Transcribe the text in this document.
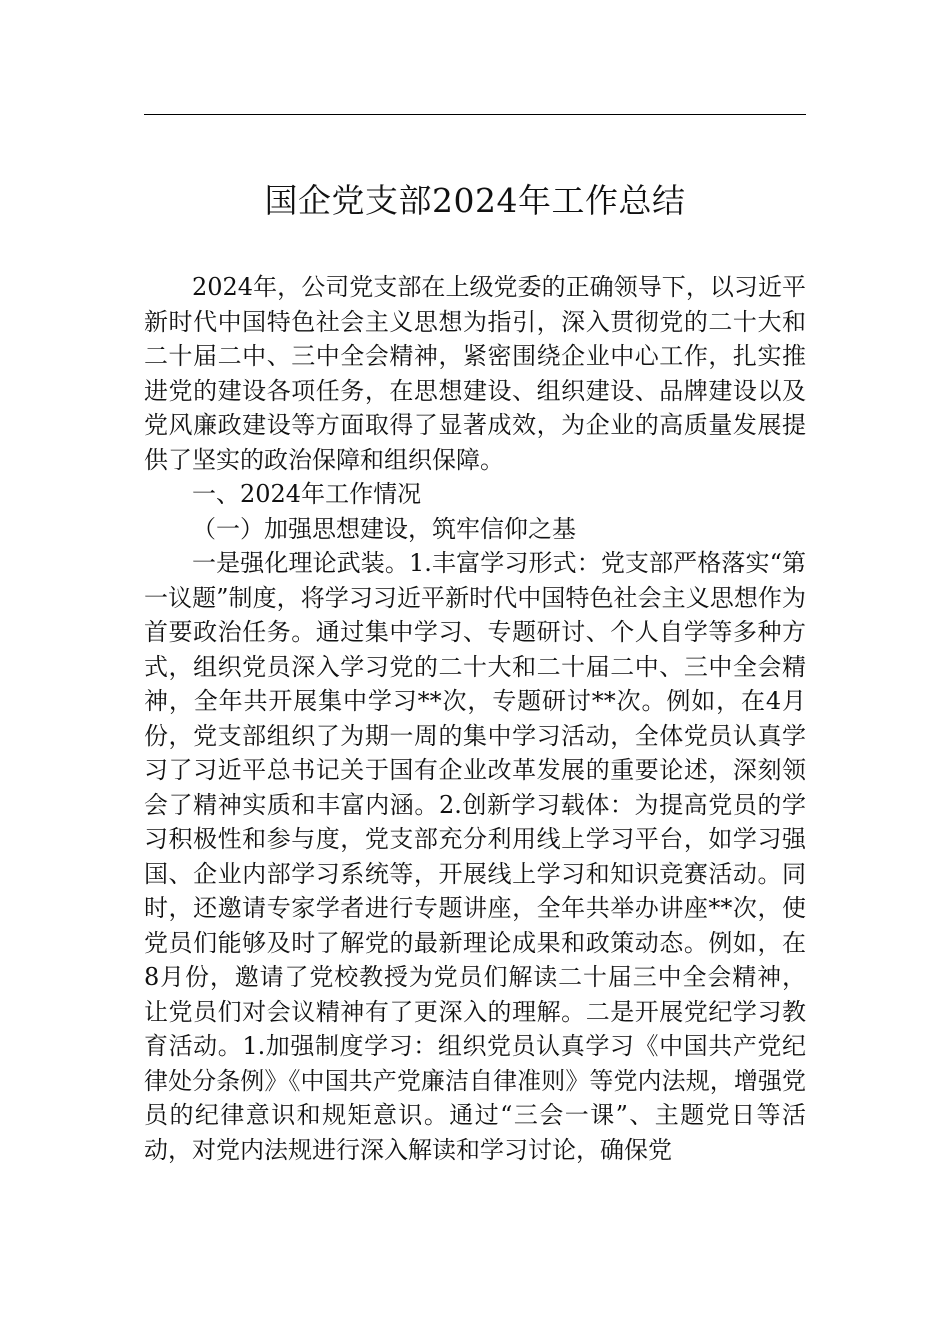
国企党支部2024年工作总结

2024年，公司党支部在上级党委的正确领导下，以习近平新时代中国特色社会主义思想为指引，深入贯彻党的二十大和二十届二中、三中全会精神，紧密围绕企业中心工作，扎实推进党的建设各项任务，在思想建设、组织建设、品牌建设以及党风廉政建设等方面取得了显著成效，为企业的高质量发展提供了坚实的政治保障和组织保障。

一、2024年工作情况

（一）加强思想建设，筑牢信仰之基

一是强化理论武装。1.丰富学习形式：党支部严格落实“第一议题”制度，将学习习近平新时代中国特色社会主义思想作为首要政治任务。通过集中学习、专题研讨、个人自学等多种方式，组织党员深入学习党的二十大和二十届二中、三中全会精神，全年共开展集中学习**次，专题研讨**次。例如，在4月份，党支部组织了为期一周的集中学习活动，全体党员认真学习了习近平总书记关于国有企业改革发展的重要论述，深刻领会了精神实质和丰富内涵。2.创新学习载体：为提高党员的学习积极性和参与度，党支部充分利用线上学习平台，如学习强国、企业内部学习系统等，开展线上学习和知识竞赛活动。同时，还邀请专家学者进行专题讲座，全年共举办讲座**次，使党员们能够及时了解党的最新理论成果和政策动态。例如，在8月份，邀请了党校教授为党员们解读二十届三中全会精神，让党员们对会议精神有了更深入的理解。二是开展党纪学习教育活动。1.加强制度学习：组织党员认真学习《中国共产党纪律处分条例》《中国共产党廉洁自律准则》等党内法规，增强党员的纪律意识和规矩意识。通过“三会一课”、主题党日等活动，对党内法规进行深入解读和学习讨论，确保党
